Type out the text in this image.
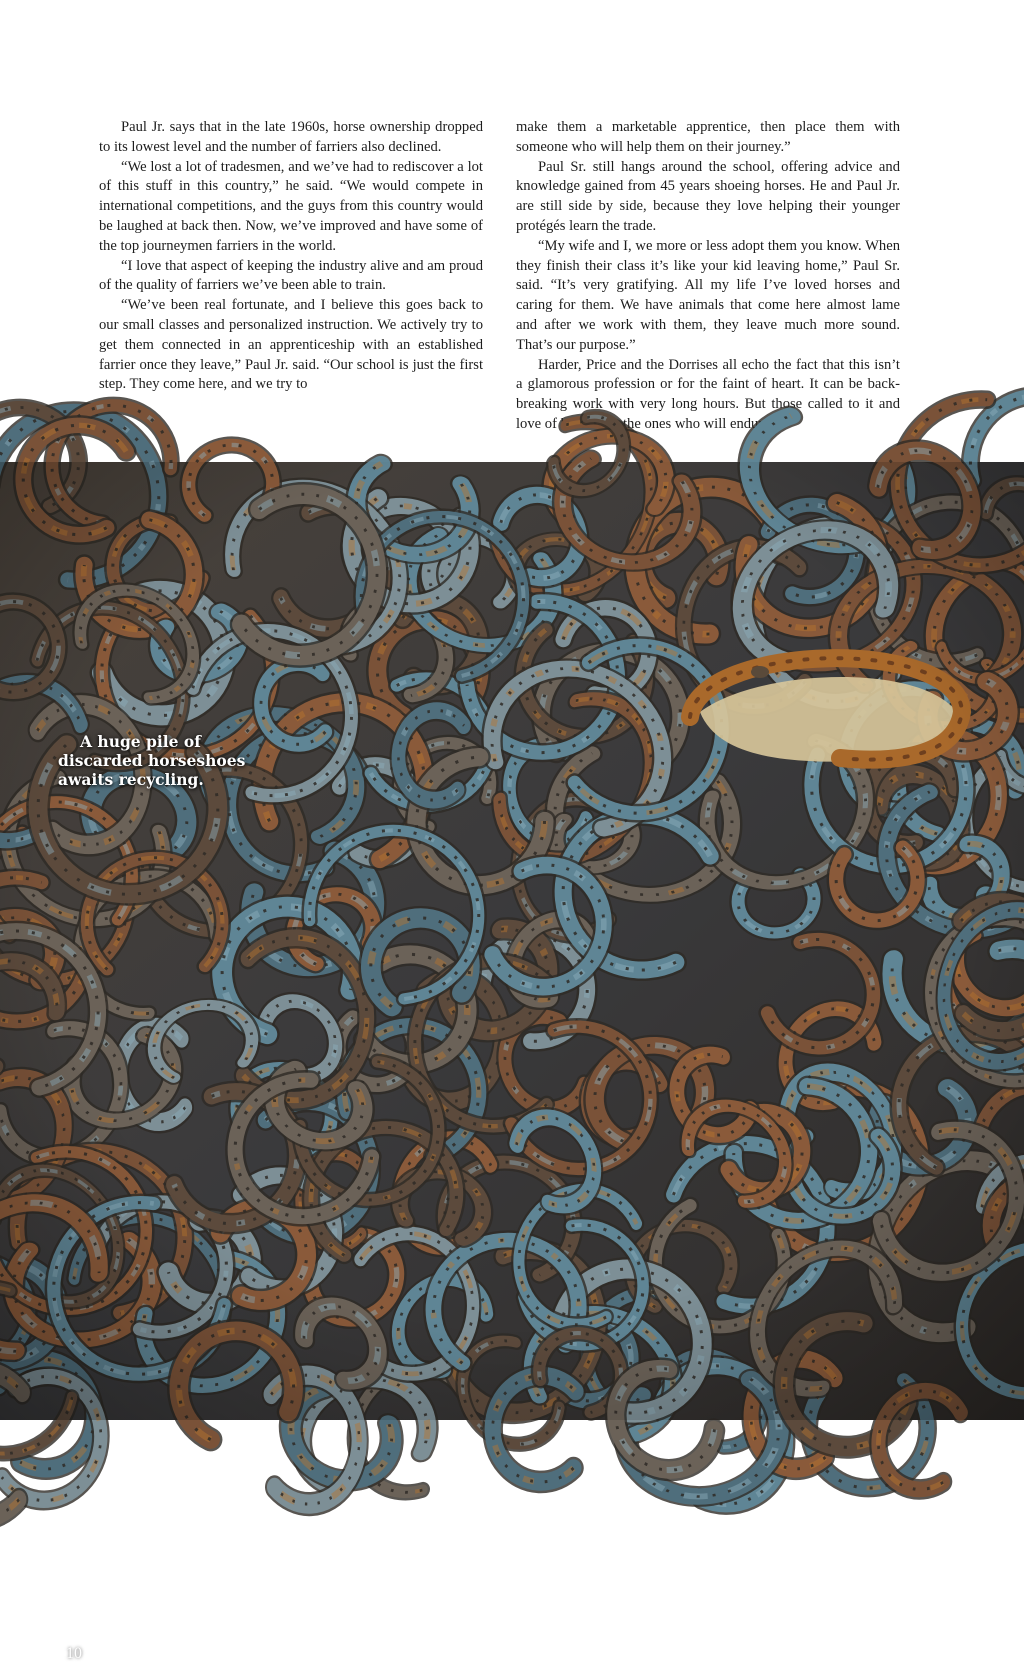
Paul Jr. says that in the late 1960s, horse ownership dropped to its lowest level and the number of farriers also declined.

“We lost a lot of tradesmen, and we’ve had to rediscover a lot of this stuff in this country,” he said. “We would compete in international competitions, and the guys from this country would be laughed at back then. Now, we’ve improved and have some of the top journeymen farriers in the world.

“I love that aspect of keeping the industry alive and am proud of the quality of farriers we’ve been able to train.

“We’ve been real fortunate, and I believe this goes back to our small classes and personalized instruction. We actively try to get them connected in an apprenticeship with an established farrier once they leave,” Paul Jr. said. “Our school is just the first step. They come here, and we try to

make them a marketable apprentice, then place them with someone who will help them on their journey.”

Paul Sr. still hangs around the school, offering advice and knowledge gained from 45 years shoeing horses. He and Paul Jr. are still side by side, because they love helping their younger protégés learn the trade.

“My wife and I, we more or less adopt them you know. When they finish their class it’s like your kid leaving home,” Paul Sr. said. “It’s very gratifying. All my life I’ve loved horses and caring for them. We have animals that come here almost lame and after we work with them, they leave much more sound. That’s our purpose.”

Harder, Price and the Dorrises all echo the fact that this isn’t a glamorous profession or for the faint of heart. It can be back-breaking work with very long hours. But those called to it and love of horses are the ones who will endure.

A huge pile of discarded horseshoes awaits recycling.
10
